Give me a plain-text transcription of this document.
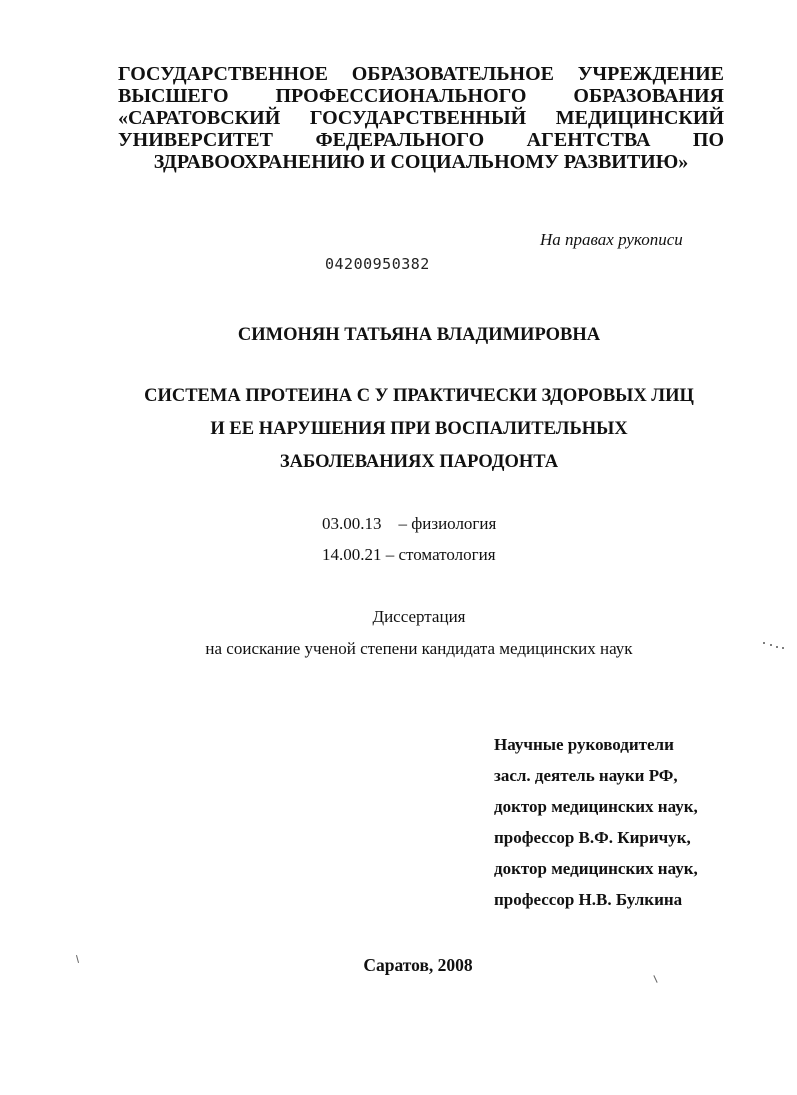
ГОСУДАРСТВЕННОЕ ОБРАЗОВАТЕЛЬНОЕ УЧРЕЖДЕНИЕ
ВЫСШЕГО ПРОФЕССИОНАЛЬНОГО ОБРАЗОВАНИЯ
«САРАТОВСКИЙ ГОСУДАРСТВЕННЫЙ МЕДИЦИНСКИЙ
УНИВЕРСИТЕТ ФЕДЕРАЛЬНОГО АГЕНТСТВА ПО
ЗДРАВООХРАНЕНИЮ И СОЦИАЛЬНОМУ РАЗВИТИЮ»
На правах рукописи
04200950382
СИМОНЯН ТАТЬЯНА ВЛАДИМИРОВНА
СИСТЕМА ПРОТЕИНА С У ПРАКТИЧЕСКИ ЗДОРОВЫХ ЛИЦ
И ЕЕ НАРУШЕНИЯ ПРИ ВОСПАЛИТЕЛЬНЫХ
ЗАБОЛЕВАНИЯХ ПАРОДОНТА
03.00.13    – физиология
14.00.21 – стоматология
Диссертация
на соискание ученой степени кандидата медицинских наук
Научные руководители
засл. деятель науки РФ,
доктор медицинских наук,
профессор В.Ф. Киричук,
доктор медицинских наук,
профессор Н.В. Булкина
Саратов, 2008
